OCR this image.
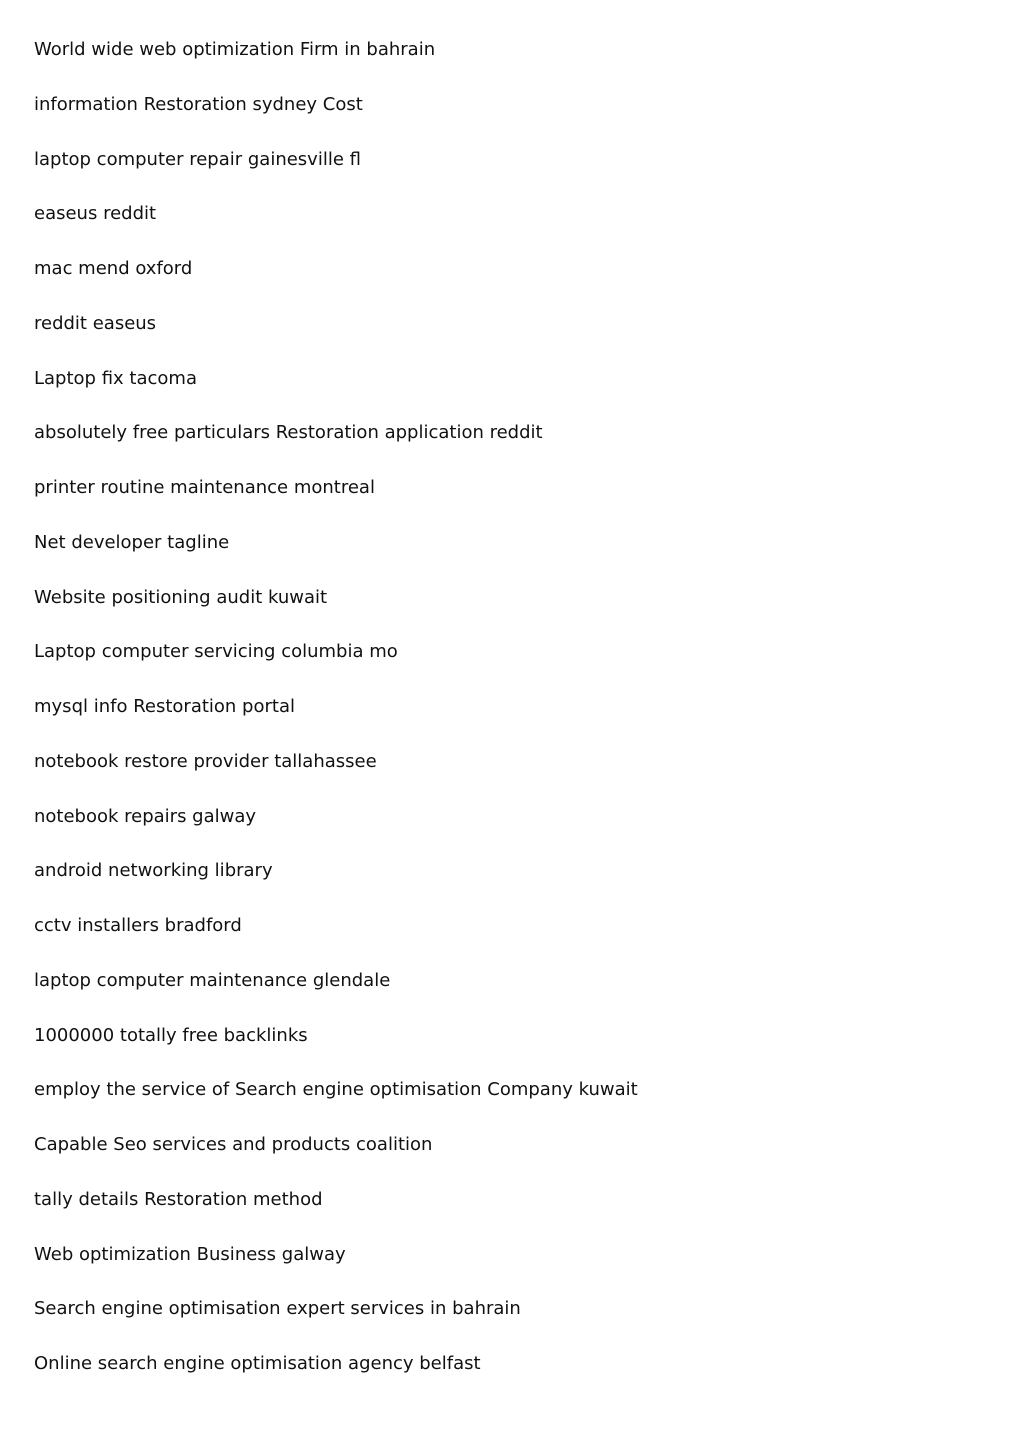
World wide web optimization Firm in bahrain
information Restoration sydney Cost
laptop computer repair gainesville fl
easeus reddit
mac mend oxford
reddit easeus
Laptop fix tacoma
absolutely free particulars Restoration application reddit
printer routine maintenance montreal
Net developer tagline
Website positioning audit kuwait
Laptop computer servicing columbia mo
mysql info Restoration portal
notebook restore provider tallahassee
notebook repairs galway
android networking library
cctv installers bradford
laptop computer maintenance glendale
1000000 totally free backlinks
employ the service of Search engine optimisation Company kuwait
Capable Seo services and products coalition
tally details Restoration method
Web optimization Business galway
Search engine optimisation expert services in bahrain
Online search engine optimisation agency belfast
